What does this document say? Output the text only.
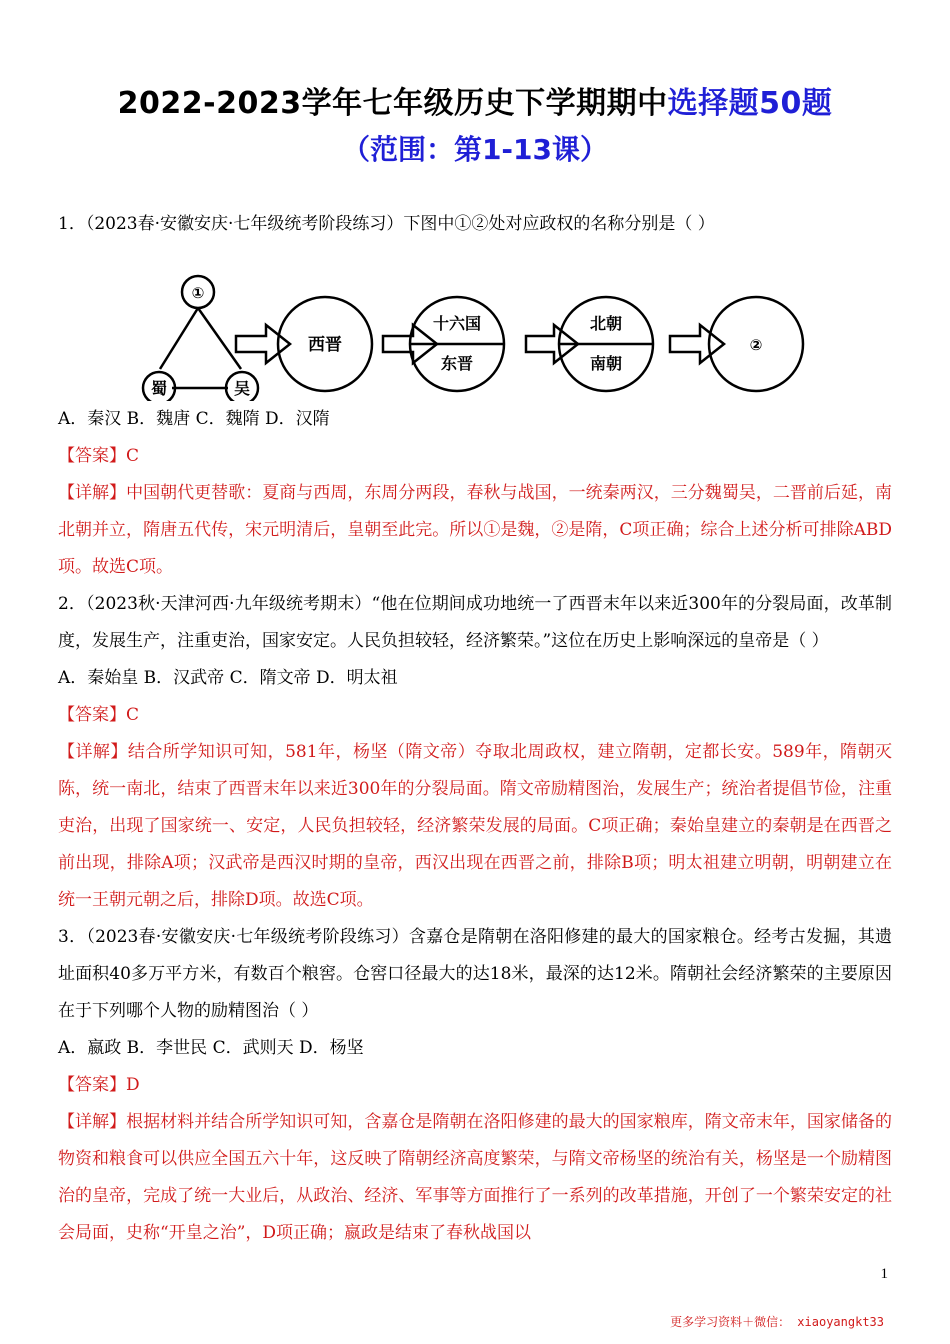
2022-2023学年七年级历史下学期期中选择题50题
（范围：第1-13课）

1．（2023春·安徽安庆·七年级统考阶段练习）下图中①②处对应政权的名称分别是（ ）

①
蜀	吴
西晋
十六国
东晋
北朝
南朝
②

A．秦汉 B．魏唐 C．魏隋 D．汉隋

【答案】C

【详解】中国朝代更替歌：夏商与西周，东周分两段，春秋与战国，一统秦两汉，三分魏蜀吴，二晋前后延，南北朝并立，隋唐五代传，宋元明清后，皇朝至此完。所以①是魏，②是隋，C项正确；综合上述分析可排除ABD项。故选C项。

2．（2023秋·天津河西·九年级统考期末）“他在位期间成功地统一了西晋末年以来近300年的分裂局面，改革制度，发展生产，注重吏治，国家安定。人民负担较轻，经济繁荣。”这位在历史上影响深远的皇帝是（ ）

A．秦始皇 B．汉武帝 C．隋文帝 D．明太祖

【答案】C

【详解】结合所学知识可知，581年，杨坚（隋文帝）夺取北周政权，建立隋朝，定都长安。589年，隋朝灭陈，统一南北，结束了西晋末年以来近300年的分裂局面。隋文帝励精图治，发展生产；统治者提倡节俭，注重吏治，出现了国家统一、安定，人民负担较轻，经济繁荣发展的局面。C项正确；秦始皇建立的秦朝是在西晋之前出现，排除A项；汉武帝是西汉时期的皇帝，西汉出现在西晋之前，排除B项；明太祖建立明朝，明朝建立在统一王朝元朝之后，排除D项。故选C项。

3．（2023春·安徽安庆·七年级统考阶段练习）含嘉仓是隋朝在洛阳修建的最大的国家粮仓。经考古发掘，其遗址面积40多万平方米，有数百个粮窖。仓窖口径最大的达18米，最深的达12米。隋朝社会经济繁荣的主要原因在于下列哪个人物的励精图治（ ）

A．嬴政 B．李世民 C．武则天 D．杨坚

【答案】D

【详解】根据材料并结合所学知识可知，含嘉仓是隋朝在洛阳修建的最大的国家粮库，隋文帝末年，国家储备的物资和粮食可以供应全国五六十年，这反映了隋朝经济高度繁荣，与隋文帝杨坚的统治有关，杨坚是一个励精图治的皇帝，完成了统一大业后，从政治、经济、军事等方面推行了一系列的改革措施，开创了一个繁荣安定的社会局面，史称“开皇之治”，D项正确；嬴政是结束了春秋战国以

1
更多学习资料＋微信： xiaoyangkt33
